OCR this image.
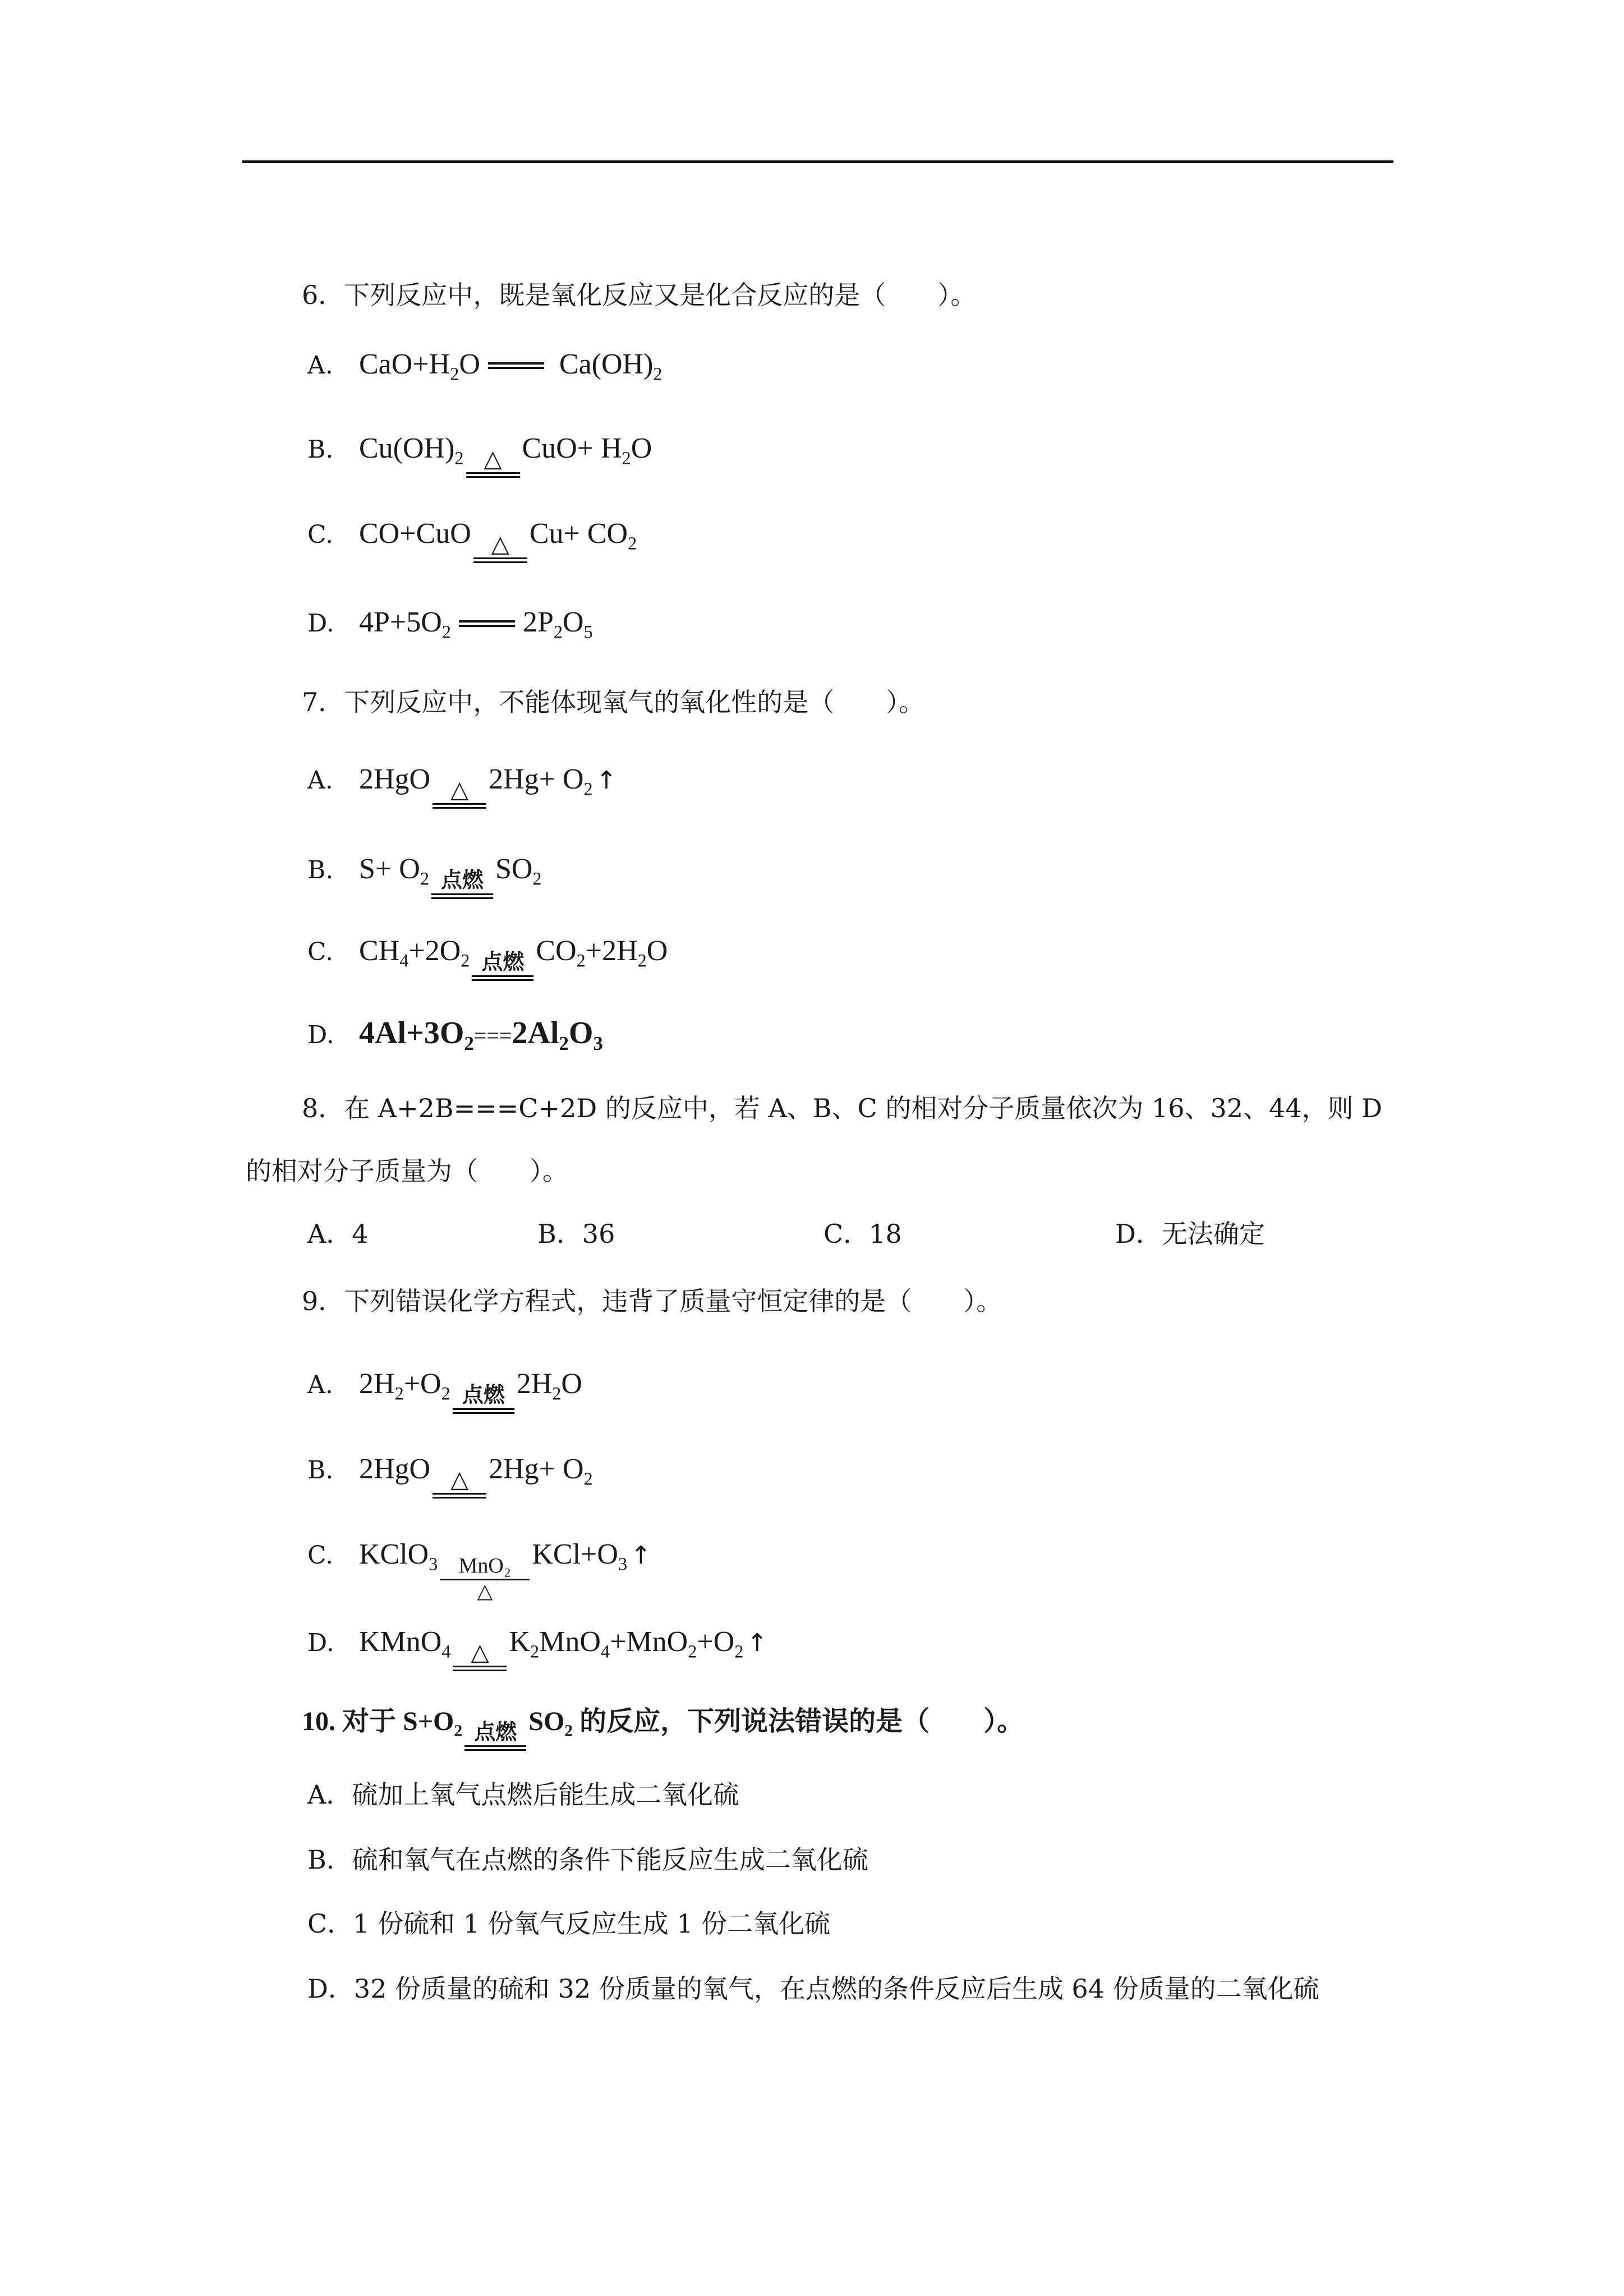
6．下列反应中，既是氧化反应又是化合反应的是（　　）。
A. $CaO+H_2O$ $Ca(OH)_2$
B. $Cu(OH)_2$ △ $CuO+ H_2O$
C. CO+CuO △ $Cu+ CO_2$
D. $4P+5O_2$ $2P_2O_5$
7．下列反应中，不能体现氧气的氧化性的是（　　）。
A. 2HgO △ $2Hg+ O_2$ ↑
B. $S+ O_2$ 点燃 $SO_2$
C. $CH_4+2O_2$ 点燃 $CO_2+2H_2O$
D. $4Al+3O_2===2Al_2O_3$
8．在 A+2B===C+2D 的反应中，若 A、B、C 的相对分子质量依次为 16、32、44，则 D
的相对分子质量为（　　）。
A．4	B．36	C．18	D．无法确定
9．下列错误化学方程式，违背了质量守恒定律的是（　　）。
A. $2H_2+O_2$ 点燃 $2H_2O$
B. 2HgO △ $2Hg+ O_2$
C. KClO$_3$ MnO₂
△
$KCl+O_3$ ↑
D. KMnO$_4$ △ $K_2MnO_4+MnO_2+O_2$ ↑
10. 对于 $S+O_2$ 点燃 $SO_2$ 的反应，下列说法错误的是（　　）。
A．硫加上氧气点燃后能生成二氧化硫
B．硫和氧气在点燃的条件下能反应生成二氧化硫
C．1 份硫和 1 份氧气反应生成 1 份二氧化硫
D．32 份质量的硫和 32 份质量的氧气，在点燃的条件反应后生成 64 份质量的二氧化硫
